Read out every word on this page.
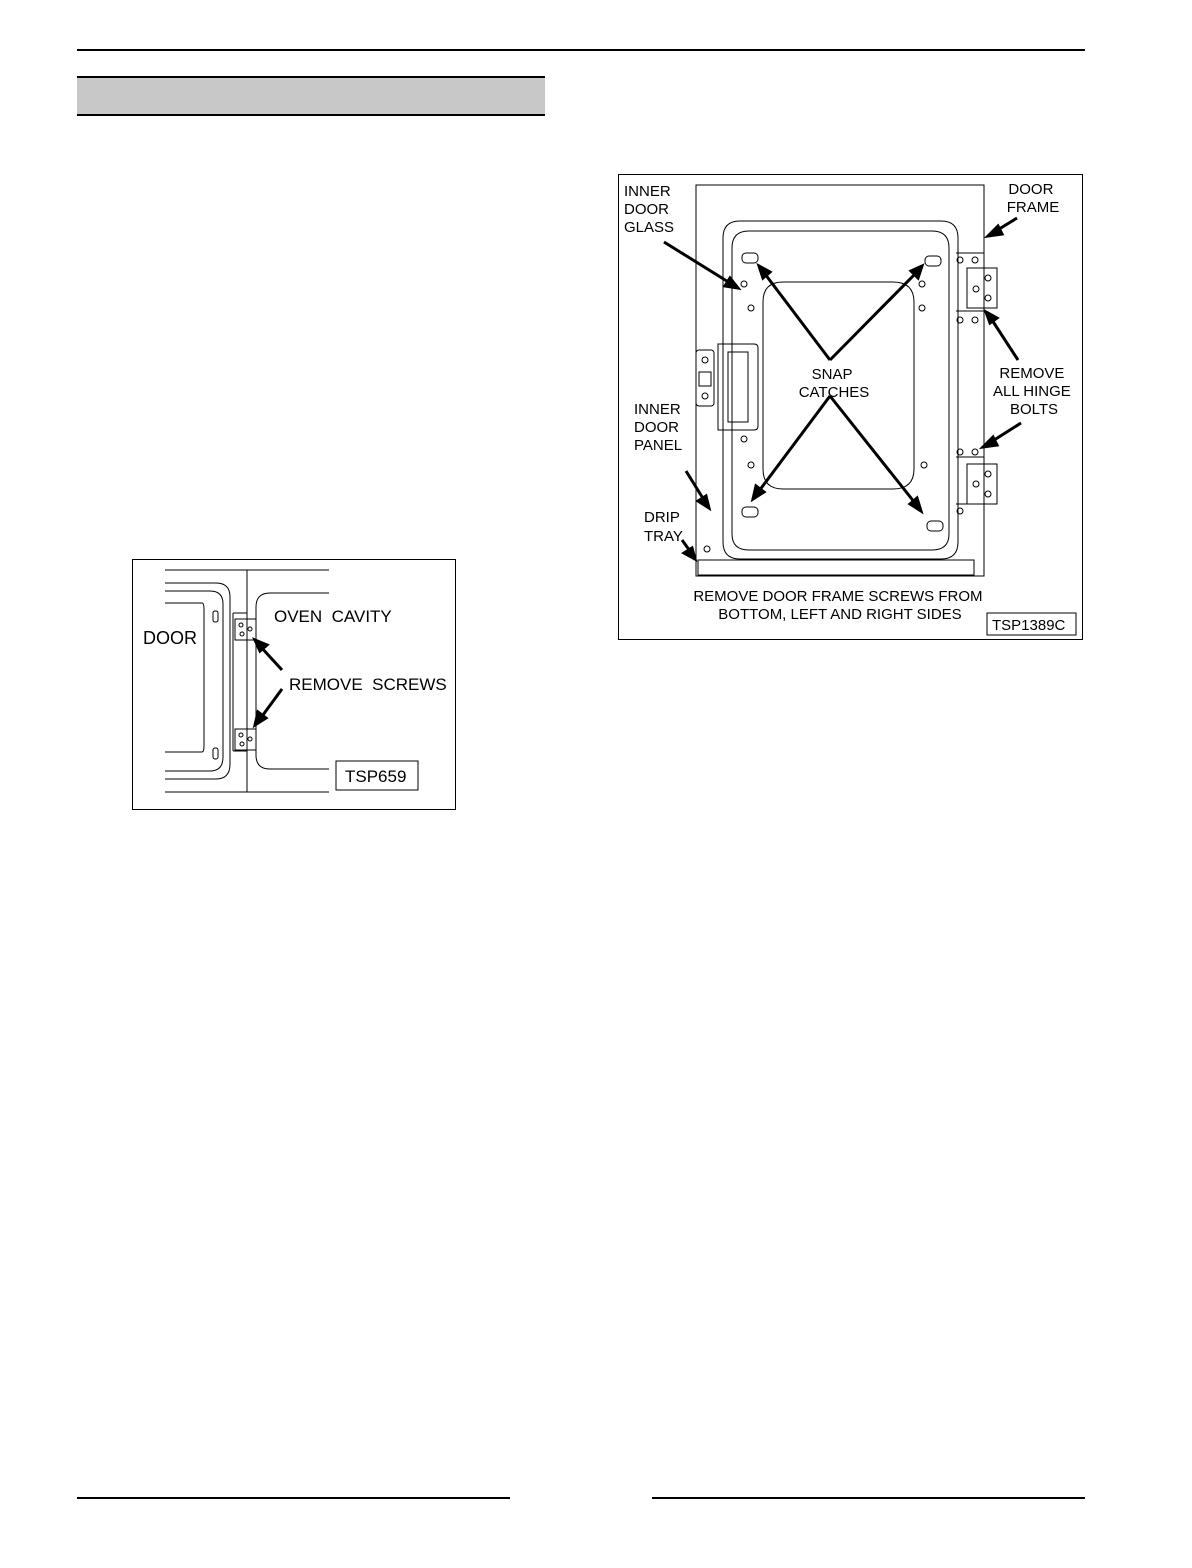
DOOR
OVEN  CAVITY
REMOVE  SCREWS
TSP659
INNER DOOR GLASS
DOOR FRAME
SNAP CATCHES
REMOVE ALL HINGE BOLTS
INNER DOOR PANEL
DRIP TRAY
REMOVE DOOR FRAME SCREWS FROM BOTTOM, LEFT AND RIGHT SIDES
TSP1389C
